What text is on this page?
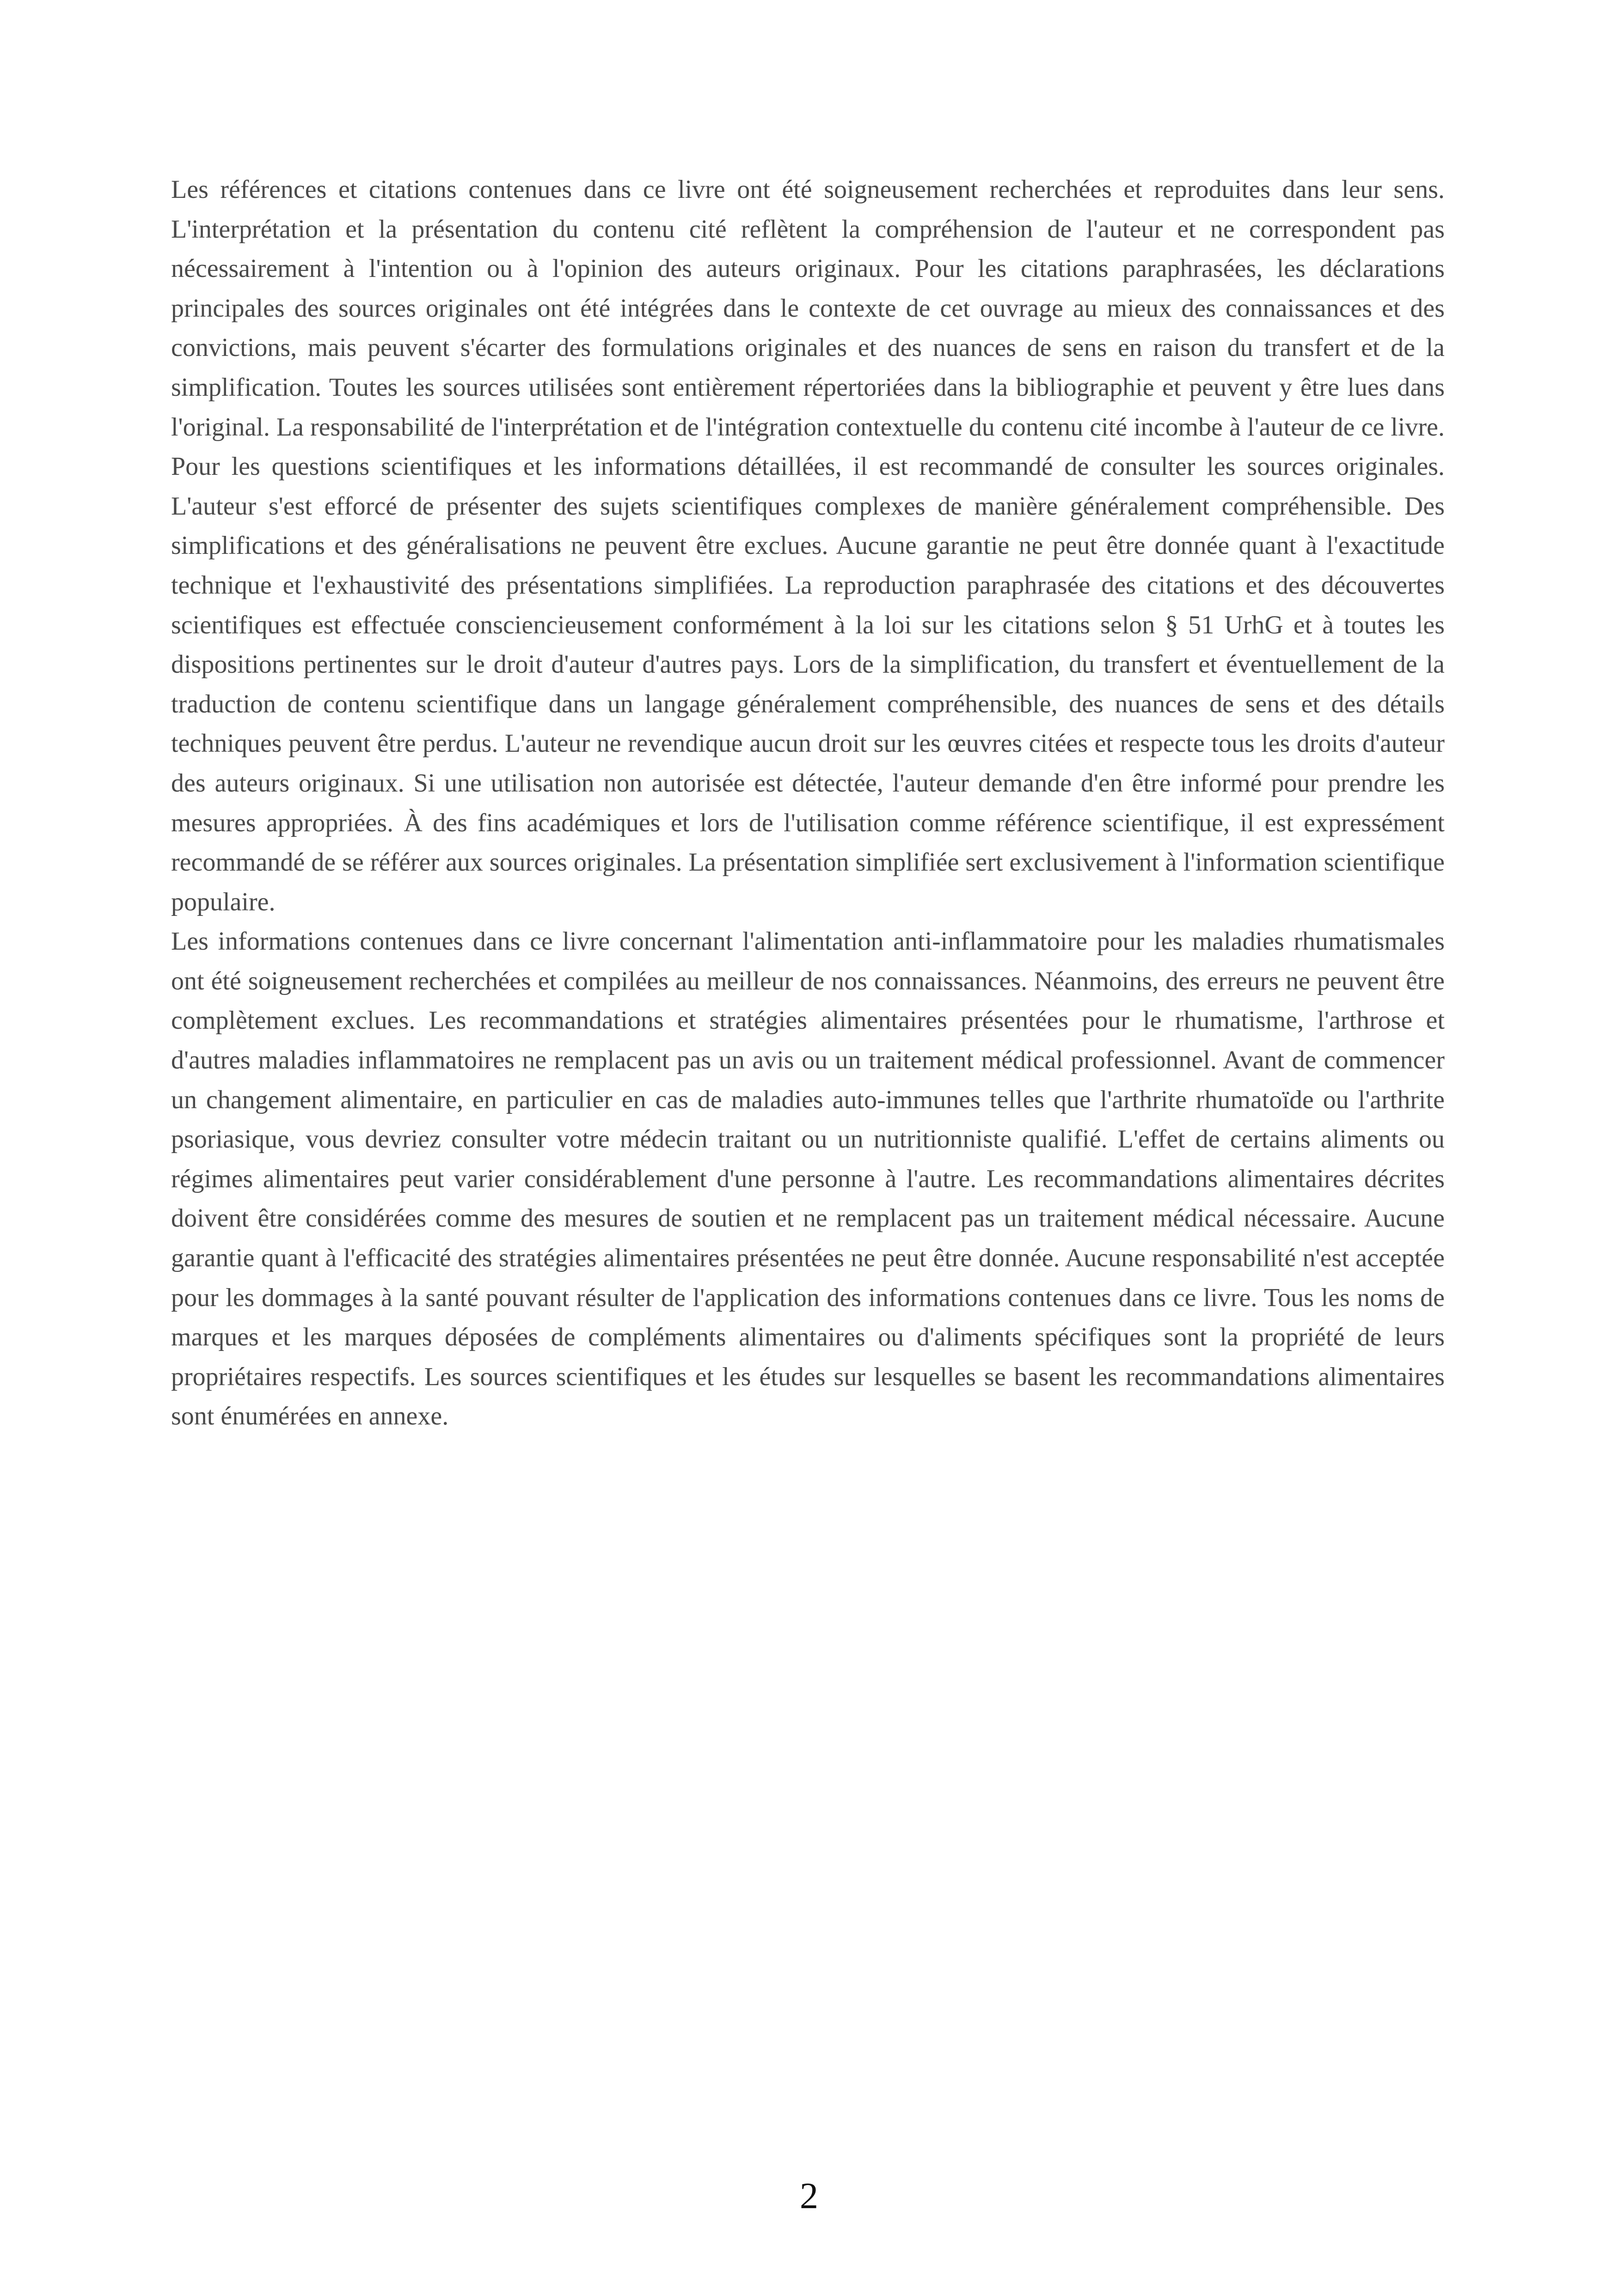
Les références et citations contenues dans ce livre ont été soigneusement recherchées et reproduites dans leur sens. L'interprétation et la présentation du contenu cité reflètent la compréhension de l'auteur et ne correspondent pas nécessairement à l'intention ou à l'opinion des auteurs originaux. Pour les citations paraphrasées, les déclarations principales des sources originales ont été intégrées dans le contexte de cet ouvrage au mieux des connaissances et des convictions, mais peuvent s'écarter des formulations originales et des nuances de sens en raison du transfert et de la simplification. Toutes les sources utilisées sont entièrement répertoriées dans la bibliographie et peuvent y être lues dans l'original. La responsabilité de l'interprétation et de l'intégration contextuelle du contenu cité incombe à l'auteur de ce livre. Pour les questions scientifiques et les informations détaillées, il est recommandé de consulter les sources originales. L'auteur s'est efforcé de présenter des sujets scientifiques complexes de manière généralement compréhensible. Des simplifications et des généralisations ne peuvent être exclues. Aucune garantie ne peut être donnée quant à l'exactitude technique et l'exhaustivité des présentations simplifiées. La reproduction paraphrasée des citations et des découvertes scientifiques est effectuée consciencieusement conformément à la loi sur les citations selon § 51 UrhG et à toutes les dispositions pertinentes sur le droit d'auteur d'autres pays. Lors de la simplification, du transfert et éventuellement de la traduction de contenu scientifique dans un langage généralement compréhensible, des nuances de sens et des détails techniques peuvent être perdus. L'auteur ne revendique aucun droit sur les œuvres citées et respecte tous les droits d'auteur des auteurs originaux. Si une utilisation non autorisée est détectée, l'auteur demande d'en être informé pour prendre les mesures appropriées. À des fins académiques et lors de l'utilisation comme référence scientifique, il est expressément recommandé de se référer aux sources originales. La présentation simplifiée sert exclusivement à l'information scientifique populaire.

Les informations contenues dans ce livre concernant l'alimentation anti-inflammatoire pour les maladies rhumatismales ont été soigneusement recherchées et compilées au meilleur de nos connaissances. Néanmoins, des erreurs ne peuvent être complètement exclues. Les recommandations et stratégies alimentaires présentées pour le rhumatisme, l'arthrose et d'autres maladies inflammatoires ne remplacent pas un avis ou un traitement médical professionnel. Avant de commencer un changement alimentaire, en particulier en cas de maladies auto-immunes telles que l'arthrite rhumatoïde ou l'arthrite psoriasique, vous devriez consulter votre médecin traitant ou un nutritionniste qualifié. L'effet de certains aliments ou régimes alimentaires peut varier considérablement d'une personne à l'autre. Les recommandations alimentaires décrites doivent être considérées comme des mesures de soutien et ne remplacent pas un traitement médical nécessaire. Aucune garantie quant à l'efficacité des stratégies alimentaires présentées ne peut être donnée. Aucune responsabilité n'est acceptée pour les dommages à la santé pouvant résulter de l'application des informations contenues dans ce livre. Tous les noms de marques et les marques déposées de compléments alimentaires ou d'aliments spécifiques sont la propriété de leurs propriétaires respectifs. Les sources scientifiques et les études sur lesquelles se basent les recommandations alimentaires sont énumérées en annexe.

2
